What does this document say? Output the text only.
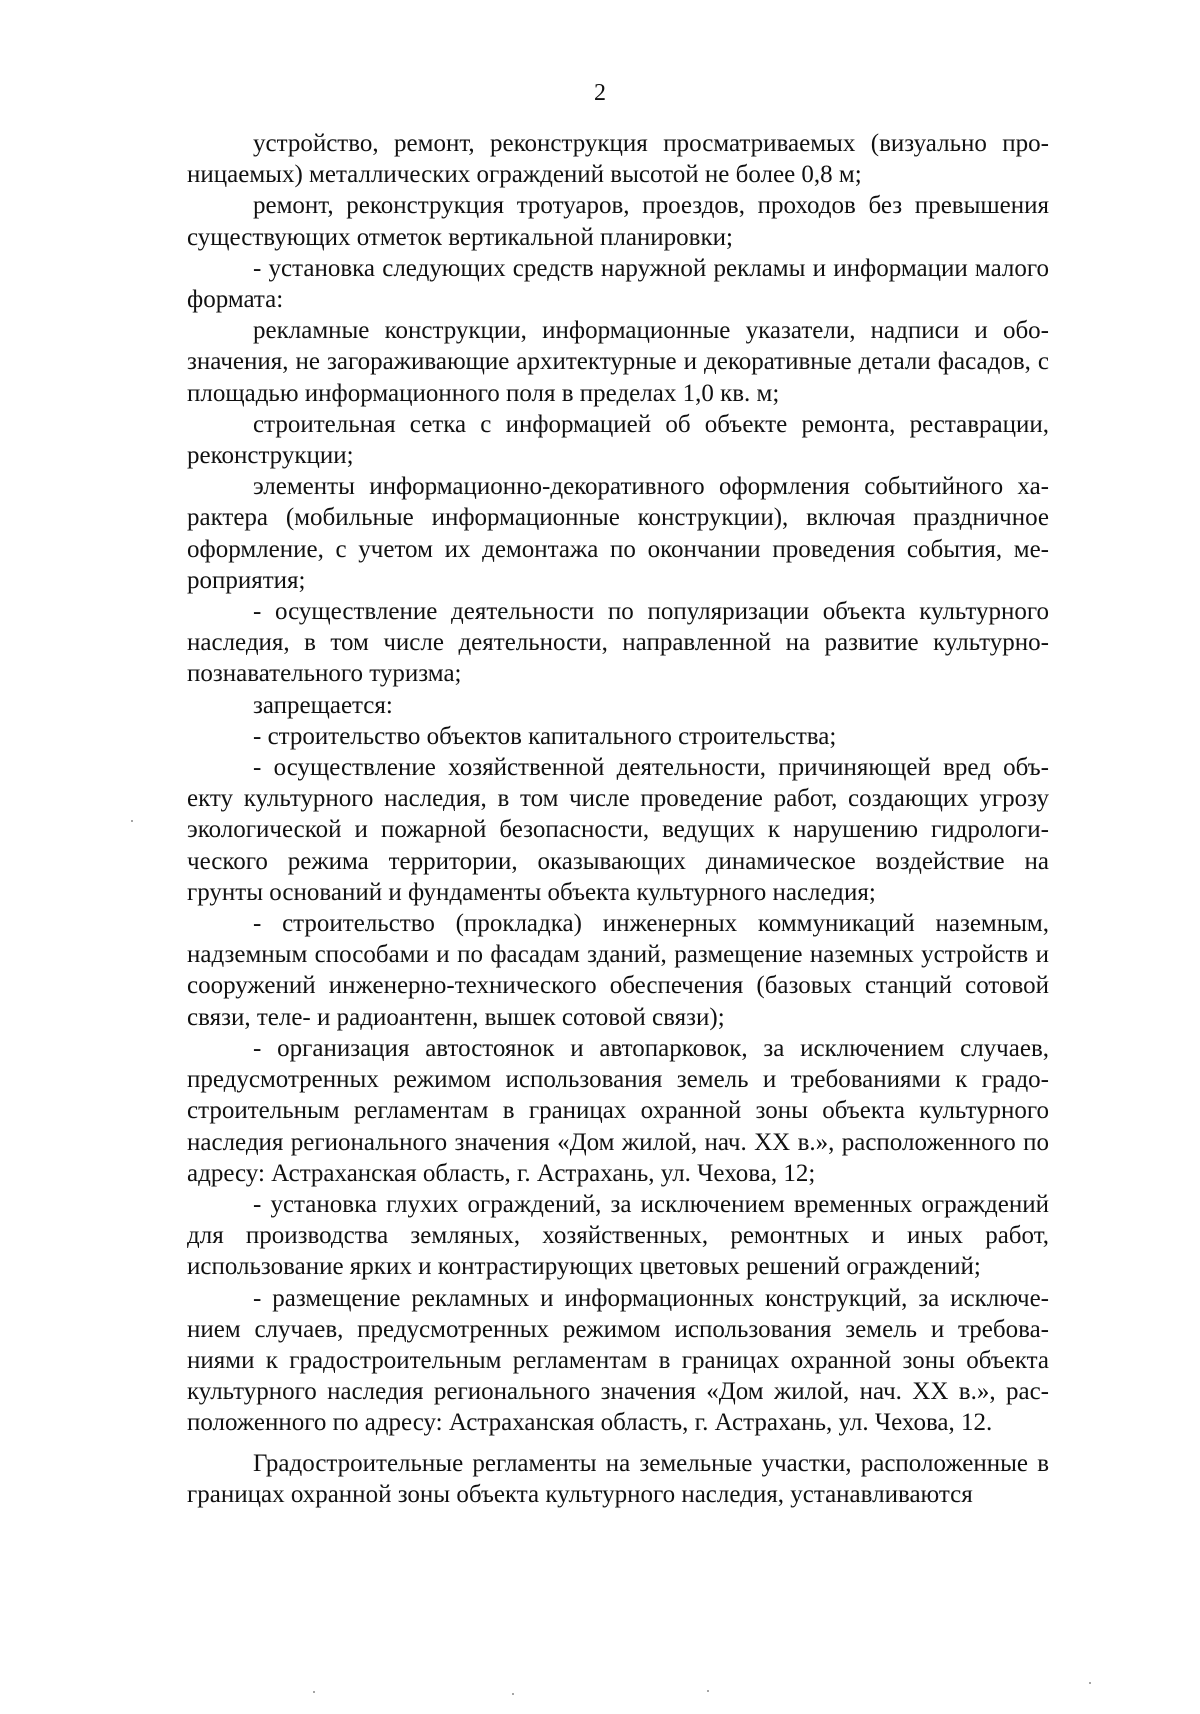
2

устройство, ремонт, реконструкция просматриваемых (визуально проницаемых) металлических ограждений высотой не более 0,8 м;

ремонт, реконструкция тротуаров, проездов, проходов без превышения существующих отметок вертикальной планировки;

- установка следующих средств наружной рекламы и информации малого формата:

рекламные конструкции, информационные указатели, надписи и обозначения, не загораживающие архитектурные и декоративные детали фасадов, с площадью информационного поля в пределах 1,0 кв. м;

строительная сетка с информацией об объекте ремонта, реставрации, реконструкции;

элементы информационно-декоративного оформления событийного характера (мобильные информационные конструкции), включая праздничное оформление, с учетом их демонтажа по окончании проведения события, мероприятия;

- осуществление деятельности по популяризации объекта культурного наследия, в том числе деятельности, направленной на развитие культурно-познавательного туризма;

запрещается:

- строительство объектов капитального строительства;

- осуществление хозяйственной деятельности, причиняющей вред объекту культурного наследия, в том числе проведение работ, создающих угрозу экологической и пожарной безопасности, ведущих к нарушению гидрологического режима территории, оказывающих динамическое воздействие на грунты оснований и фундаменты объекта культурного наследия;

- строительство (прокладка) инженерных коммуникаций наземным, надземным способами и по фасадам зданий, размещение наземных устройств и сооружений инженерно-технического обеспечения (базовых станций сотовой связи, теле- и радиоантенн, вышек сотовой связи);

- организация автостоянок и автопарковок, за исключением случаев, предусмотренных режимом использования земель и требованиями к градостроительным регламентам в границах охранной зоны объекта культурного наследия регионального значения «Дом жилой, нач. XX в.», расположенного по адресу: Астраханская область, г. Астрахань, ул. Чехова, 12;

- установка глухих ограждений, за исключением временных ограждений для производства земляных, хозяйственных, ремонтных и иных работ, использование ярких и контрастирующих цветовых решений ограждений;

- размещение рекламных и информационных конструкций, за исключением случаев, предусмотренных режимом использования земель и требованиями к градостроительным регламентам в границах охранной зоны объекта культурного наследия регионального значения «Дом жилой, нач. XX в.», расположенного по адресу: Астраханская область, г. Астрахань, ул. Чехова, 12.

Градостроительные регламенты на земельные участки, расположенные в границах охранной зоны объекта культурного наследия, устанавливаются
